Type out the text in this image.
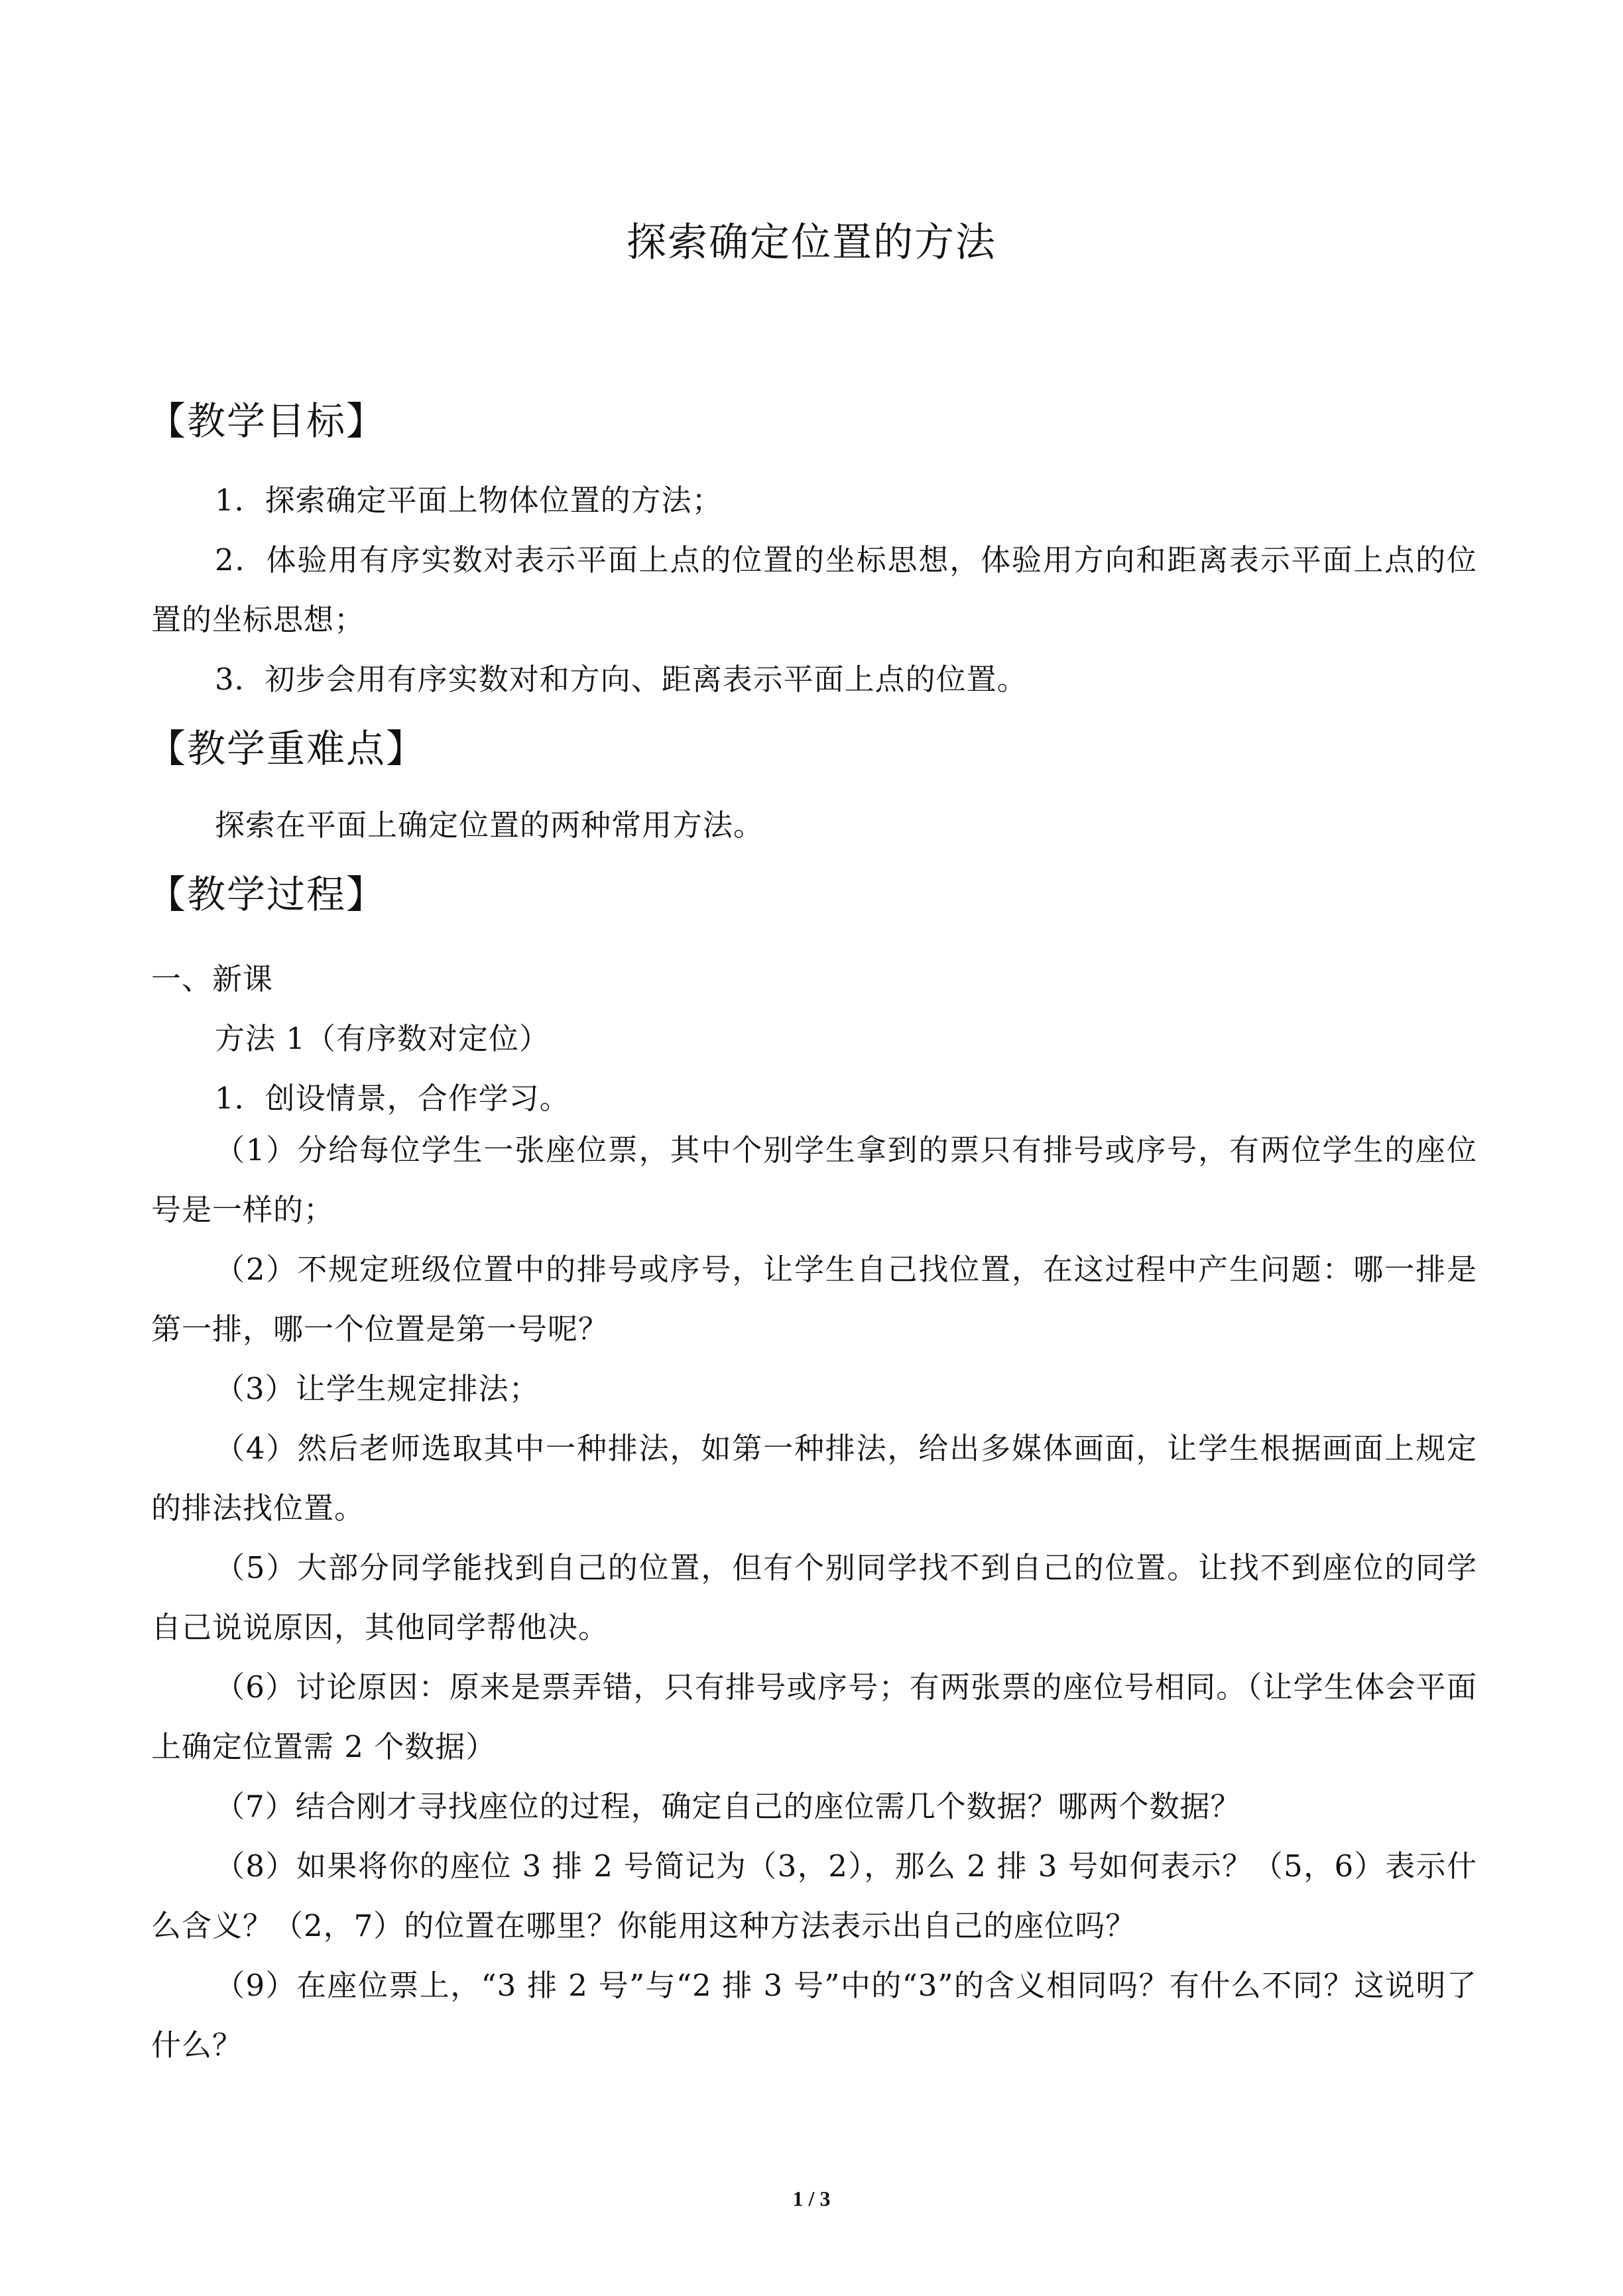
探索确定位置的方法
【教学目标】
1．探索确定平面上物体位置的方法；
2．体验用有序实数对表示平面上点的位置的坐标思想，体验用方向和距离表示平面上点的位置的坐标思想；
3．初步会用有序实数对和方向、距离表示平面上点的位置。
【教学重难点】
探索在平面上确定位置的两种常用方法。
【教学过程】
一、新课
方法 1（有序数对定位）
1．创设情景，合作学习。
（1）分给每位学生一张座位票，其中个别学生拿到的票只有排号或序号，有两位学生的座位号是一样的；
（2）不规定班级位置中的排号或序号，让学生自己找位置，在这过程中产生问题：哪一排是第一排，哪一个位置是第一号呢？
（3）让学生规定排法；
（4）然后老师选取其中一种排法，如第一种排法，给出多媒体画面，让学生根据画面上规定的排法找位置。
（5）大部分同学能找到自己的位置，但有个别同学找不到自己的位置。让找不到座位的同学自己说说原因，其他同学帮他决。
（6）讨论原因：原来是票弄错，只有排号或序号；有两张票的座位号相同。（让学生体会平面上确定位置需 2 个数据）
（7）结合刚才寻找座位的过程，确定自己的座位需几个数据？哪两个数据？
（8）如果将你的座位 3 排 2 号简记为（3，2），那么 2 排 3 号如何表示？（5，6）表示什么含义？（2，7）的位置在哪里？你能用这种方法表示出自己的座位吗？
（9）在座位票上，“3 排 2 号”与“2 排 3 号”中的“3”的含义相同吗？有什么不同？这说明了什么？
1 / 3
